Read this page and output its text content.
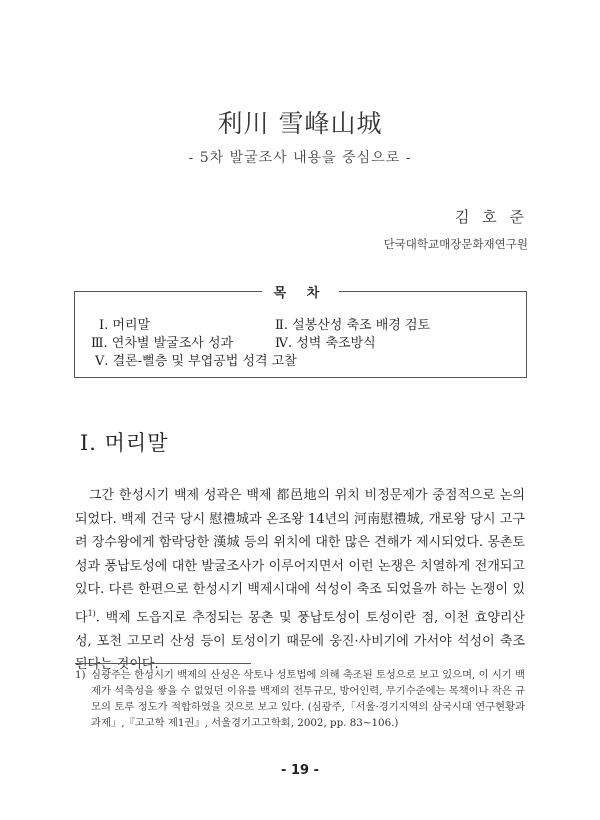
利川 雪峰山城
- 5차 발굴조사 내용을 중심으로 -
김 호 준
단국대학교매장문화재연구원
목 차
Ⅰ. 머리말	Ⅱ. 설봉산성 축조 배경 검토
Ⅲ. 연차별 발굴조사 성과	Ⅳ. 성벽 축조방식
Ⅴ. 결론-뻘층 및 부엽공법 성격 고찰
Ⅰ. 머리말

그간 한성시기 백제 성곽은 백제 都邑地의 위치 비정문제가 중점적으로 논의되었다. 백제 건국 당시 慰禮城과 온조왕 14년의 河南慰禮城, 개로왕 당시 고구려 장수왕에게 함락당한 漢城 등의 위치에 대한 많은 견해가 제시되었다. 몽촌토성과 풍납토성에 대한 발굴조사가 이루어지면서 이런 논쟁은 치열하게 전개되고 있다. 다른 한편으로 한성시기 백제시대에 석성이 축조 되었을까 하는 논쟁이 있다$^{1)}$. 백제 도읍지로 추정되는 몽촌 및 풍납토성이 토성이란 점, 이천 효양리산성, 포천 고모리 산성 등이 토성이기 때문에 웅진·사비기에 가서야 석성이 축조된다는 것이다.

1) 심광주는 한성시기 백제의 산성은 삭토나 성토법에 의해 축조된 토성으로 보고 있으며, 이 시기 백제가 석축성을 쌓을 수 없었던 이유를 백제의 전투규모, 방어인력, 무기수준에는 목책이나 작은 규모의 토루 정도가 적합하였을 것으로 보고 있다. (심광주,「서울·경기지역의 삼국시대 연구현황과 과제」,『고고학 제1권』, 서울경기고고학회, 2002, pp. 83~106.)
- 19 -
